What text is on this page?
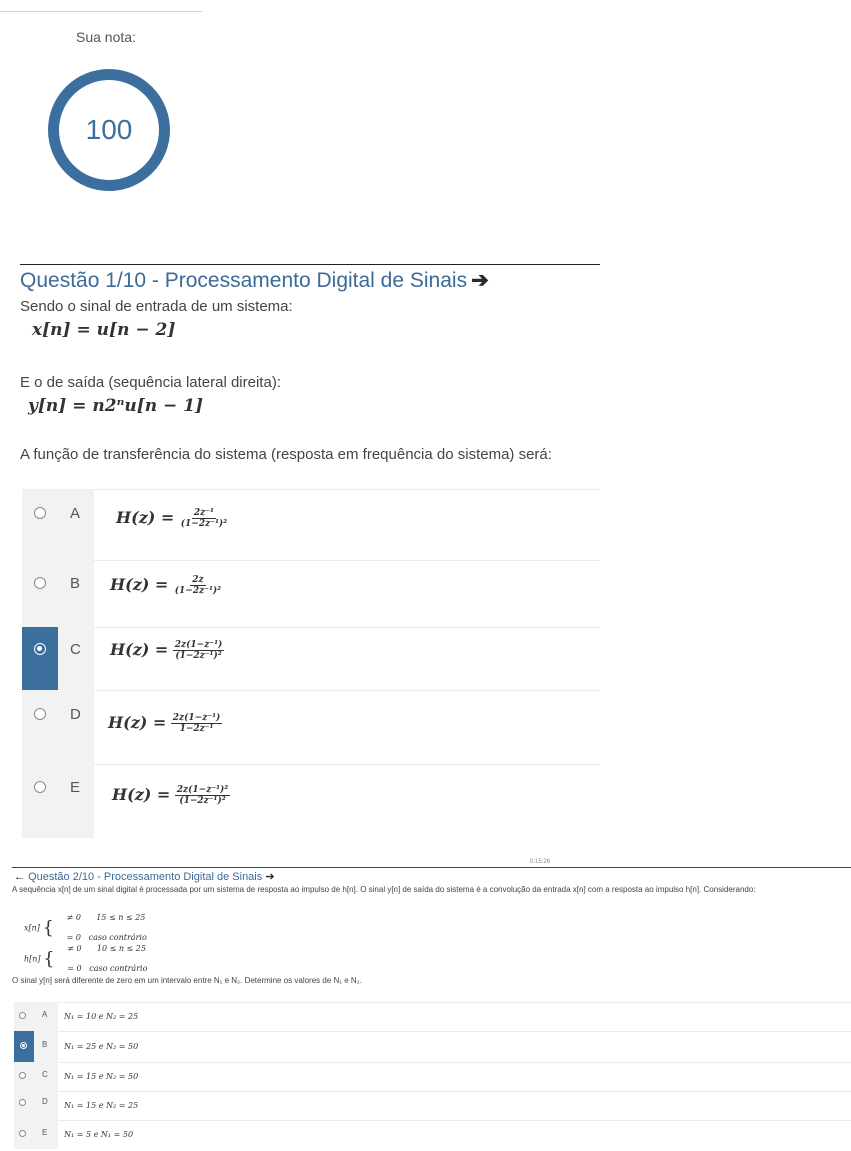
Sua nota:
100
Questão 1/10 - Processamento Digital de Sinais ➔
Sendo o sinal de entrada de um sistema:
x[n] = u[n − 2]
E o de saída (sequência lateral direita):
y[n] = n2ⁿu[n − 1]
A função de transferência do sistema (resposta em frequência do sistema) será:
A $H(z) = \frac{\text{2z⁻¹}}{\text{(1−2z⁻¹)²}}$
B $H(z) = \frac{2z}{\text{(1−2z⁻¹)²}}$
C $H(z) = \frac{\text{2z(1−z⁻¹)}}{\text{(1−2z⁻¹)²}}$
D $H(z) = \frac{\text{2z(1−z⁻¹)}}{\text{1−2z⁻¹}}$
E $H(z) = \frac{\text{2z(1−z⁻¹)²}}{\text{(1−2z⁻¹)²}}$
0:15:26
← Questão 2/10 - Processamento Digital de Sinais ➔
A sequência x[n] de um sinal digital é processada por um sistema de resposta ao impulso de h[n]. O sinal y[n] de saída do sistema é a convolução da entrada x[n] com a resposta ao impulso h[n]. Considerando:
x[n] { ≠ 0      15 ≤ n ≤ 25

= 0   caso contrário

h[n] { ≠ 0      10 ≤ n ≤ 25

= 0   caso contrário

O sinal y[n] será diferente de zero em um intervalo entre N₁ e N₂. Determine os valores de N₁ e N₂.
A N₁ = 10 e N₂ = 25
B N₁ = 25 e N₂ = 50
C N₁ = 15 e N₂ = 50
D N₁ = 15 e N₂ = 25
E N₁ = 5 e N₁ = 50
